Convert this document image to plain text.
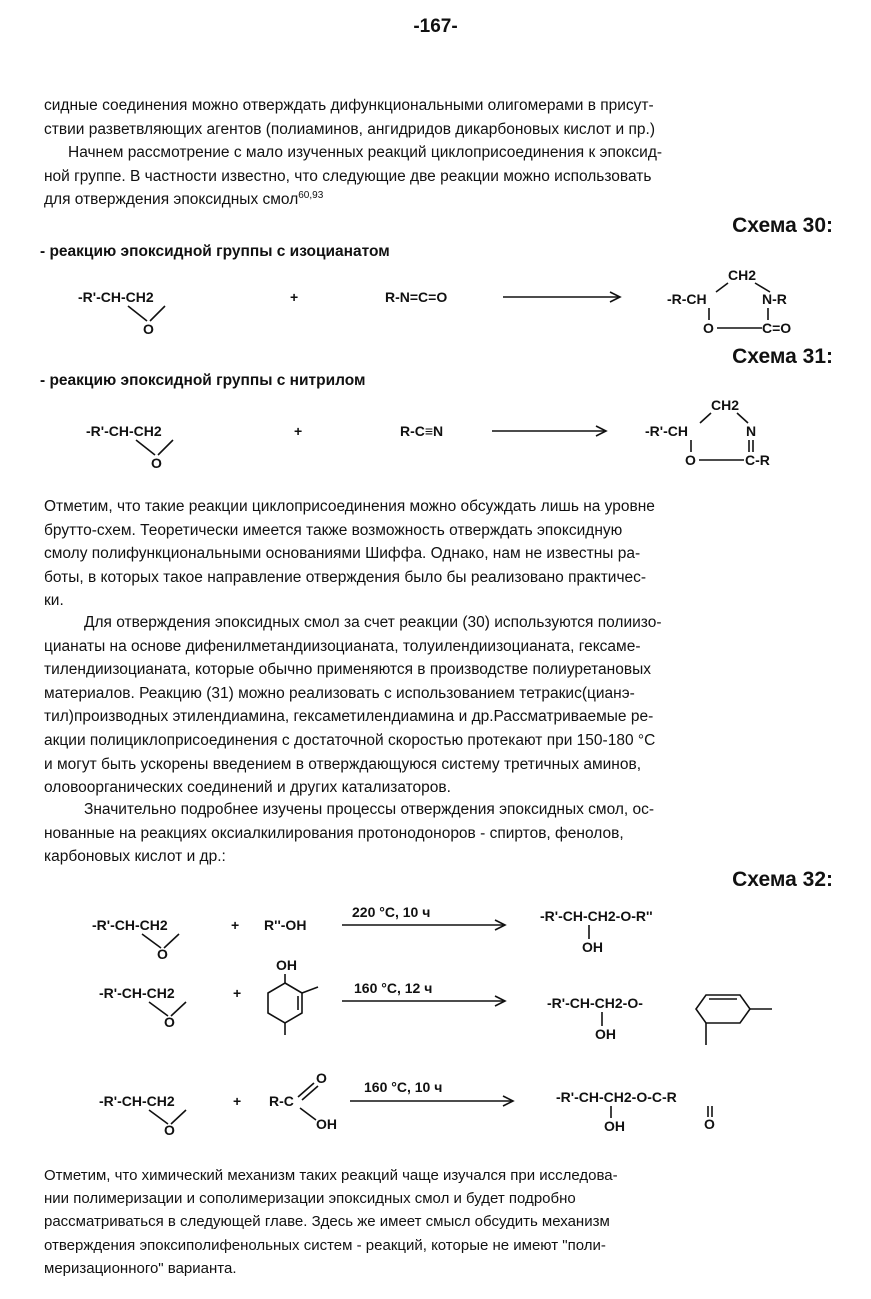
-167-
сидные соединения можно отверждать дифункциональными олигомерами в присут-
ствии разветвляющих агентов (полиаминов, ангидридов дикарбоновых кислот и пр.)
Начнем рассмотрение с мало изученных реакций циклоприсоединения к эпоксид-
ной группе. В частности известно, что следующие две реакции можно использовать
для отверждения эпоксидных смол$^{60,93}$
Схема 30:
- реакцию эпоксидной группы с изоцианатом
-R'-CH-CH2
O
+	R-N=C=O
CH2
-R-CH	N-R
O	C=O
Схема 31:
- реакцию эпоксидной группы с нитрилом
-R'-CH-CH2
O
+	R-C≡N
CH2
-R'-CH	N
O	C-R
Отметим, что такие реакции циклоприсоединения можно обсуждать лишь на уровне
брутто-схем. Теоретически имеется также возможность отверждать эпоксидную
смолу полифункциональными основаниями Шиффа. Однако, нам не известны ра-
боты, в которых такое направление отверждения было бы реализовано практичес-
ки.
Для отверждения эпоксидных смол за счет реакции (30) используются полиизо-
цианаты на основе дифенилметандиизоцианата, толуилендиизоцианата, гексаме-
тилендиизоцианата, которые обычно применяются в производстве полиуретановых
материалов. Реакцию (31) можно реализовать с использованием тетракис(цианэ-
тил)производных этилендиамина, гексаметилендиамина и др.Рассматриваемые ре-
акции полициклоприсоединения с достаточной скоростью протекают при 150-180 °C
и могут быть ускорены введением в отверждающуюся систему третичных аминов,
оловоорганических соединений и других катализаторов.
Значительно подробнее изучены процессы отверждения эпоксидных смол, ос-
нованные на реакциях оксиалкилирования протонодоноров - спиртов, фенолов,
карбоновых кислот и др.:
Схема 32:
-R'-CH-CH2
O
+ R''-OH
220 °C, 10 ч	-R'-CH-CH2-O-R''
OH
-R'-CH-CH2
O
+
OH
160 °C, 12 ч
-R'-CH-CH2-O-
OH
-R'-CH-CH2
O
+ R-C
O
OH
160 °C, 10 ч
-R'-CH-CH2-O-C-R
OH	O
Отметим, что химический механизм таких реакций чаще изучался при исследова-
нии полимеризации и сополимеризации эпоксидных смол и будет подробно
рассматриваться в следующей главе. Здесь же имеет смысл обсудить механизм
отверждения эпоксиполифенольных систем - реакций, которые не имеют "поли-
меризационного" варианта.
